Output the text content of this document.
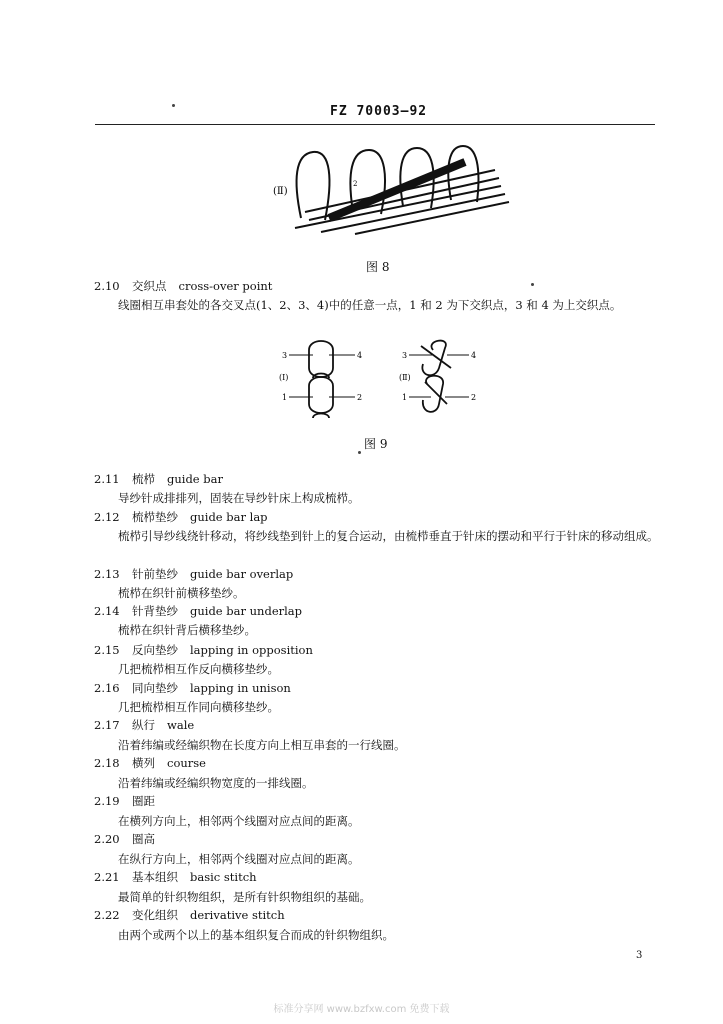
FZ 70003—92
(Ⅱ)
2
图 8
2.10 交织点 cross-over point
线圈相互串套处的各交叉点(1、2、3、4)中的任意一点，1 和 2 为下交织点，3 和 4 为上交织点。
3	4
1	2
3	4
1	2
(Ⅰ)	(Ⅱ)
图 9
2.11 梳栉 guide bar
导纱针成排排列，固装在导纱针床上构成梳栉。
2.12 梳栉垫纱 guide bar lap
梳栉引导纱线绕针移动，将纱线垫到针上的复合运动，由梳栉垂直于针床的摆动和平行于针床的移动组成。
2.13 针前垫纱 guide bar overlap
梳栉在织针前横移垫纱。
2.14 针背垫纱 guide bar underlap
梳栉在织针背后横移垫纱。
2.15 反向垫纱 lapping in opposition
几把梳栉相互作反向横移垫纱。
2.16 同向垫纱 lapping in unison
几把梳栉相互作同向横移垫纱。
2.17 纵行 wale
沿着纬编或经编织物在长度方向上相互串套的一行线圈。
2.18 横列 course
沿着纬编或经编织物宽度的一排线圈。
2.19 圈距
在横列方向上，相邻两个线圈对应点间的距离。
2.20 圈高
在纵行方向上，相邻两个线圈对应点间的距离。
2.21 基本组织 basic stitch
最简单的针织物组织，是所有针织物组织的基础。
2.22 变化组织 derivative stitch
由两个或两个以上的基本组织复合而成的针织物组织。
3
标准分享网 www.bzfxw.com 免费下载
